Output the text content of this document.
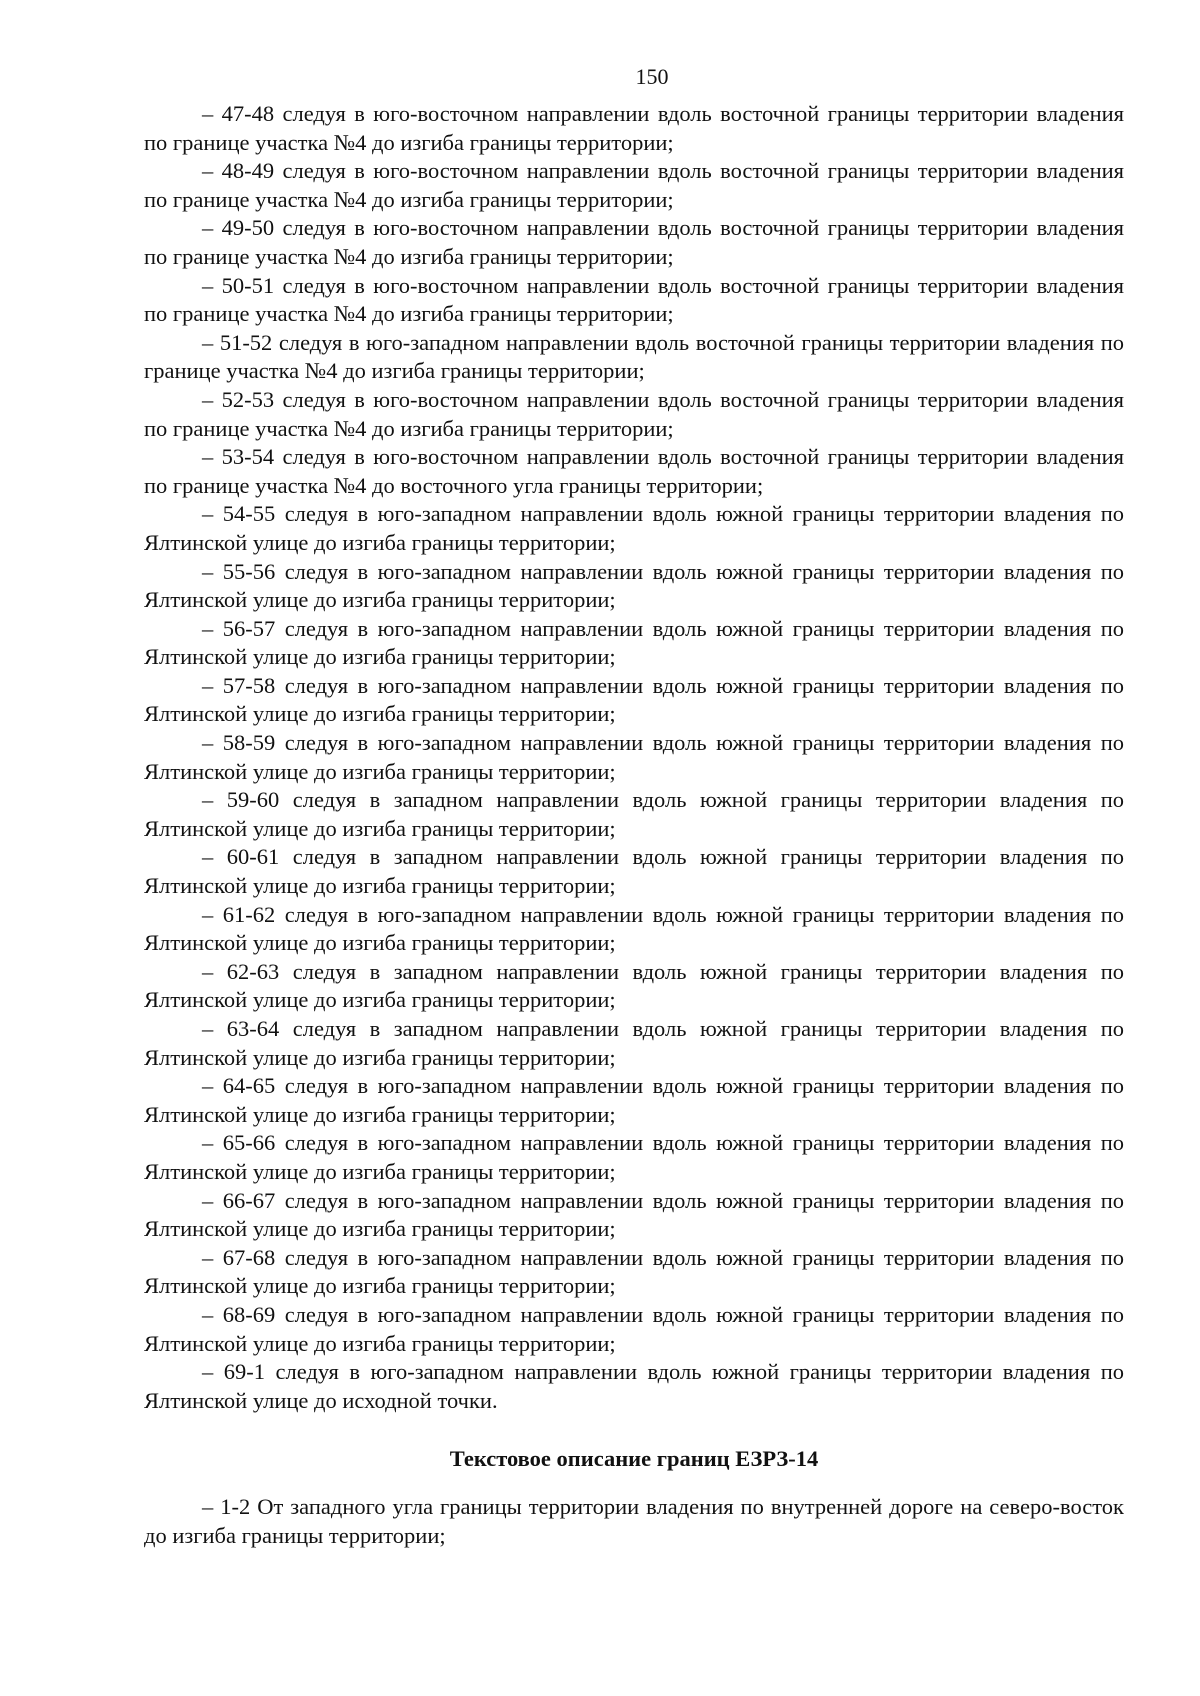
150

– 47-48 следуя в юго-восточном направлении вдоль восточной границы территории владения по границе участка №4 до изгиба границы территории;

– 48-49 следуя в юго-восточном направлении вдоль восточной границы территории владения по границе участка №4 до изгиба границы территории;

– 49-50 следуя в юго-восточном направлении вдоль восточной границы территории владения по границе участка №4 до изгиба границы территории;

– 50-51 следуя в юго-восточном направлении вдоль восточной границы территории владения по границе участка №4 до изгиба границы территории;

– 51-52 следуя в юго-западном направлении вдоль восточной границы территории владения по границе участка №4 до изгиба границы территории;

– 52-53 следуя в юго-восточном направлении вдоль восточной границы территории владения по границе участка №4 до изгиба границы территории;

– 53-54 следуя в юго-восточном направлении вдоль восточной границы территории владения по границе участка №4 до восточного угла границы территории;

– 54-55 следуя в юго-западном направлении вдоль южной границы территории владения по Ялтинской улице до изгиба границы территории;

– 55-56 следуя в юго-западном направлении вдоль южной границы территории владения по Ялтинской улице до изгиба границы территории;

– 56-57 следуя в юго-западном направлении вдоль южной границы территории владения по Ялтинской улице до изгиба границы территории;

– 57-58 следуя в юго-западном направлении вдоль южной границы территории владения по Ялтинской улице до изгиба границы территории;

– 58-59 следуя в юго-западном направлении вдоль южной границы территории владения по Ялтинской улице до изгиба границы территории;

– 59-60 следуя в западном направлении вдоль южной границы территории владения по Ялтинской улице до изгиба границы территории;

– 60-61 следуя в западном направлении вдоль южной границы территории владения по Ялтинской улице до изгиба границы территории;

– 61-62 следуя в юго-западном направлении вдоль южной границы территории владения по Ялтинской улице до изгиба границы территории;

– 62-63 следуя в западном направлении вдоль южной границы территории владения по Ялтинской улице до изгиба границы территории;

– 63-64 следуя в западном направлении вдоль южной границы территории владения по Ялтинской улице до изгиба границы территории;

– 64-65 следуя в юго-западном направлении вдоль южной границы территории владения по Ялтинской улице до изгиба границы территории;

– 65-66 следуя в юго-западном направлении вдоль южной границы территории владения по Ялтинской улице до изгиба границы территории;

– 66-67 следуя в юго-западном направлении вдоль южной границы территории владения по Ялтинской улице до изгиба границы территории;

– 67-68 следуя в юго-западном направлении вдоль южной границы территории владения по Ялтинской улице до изгиба границы территории;

– 68-69 следуя в юго-западном направлении вдоль южной границы территории владения по Ялтинской улице до изгиба границы территории;

– 69-1 следуя в юго-западном направлении вдоль южной границы территории владения по Ялтинской улице до исходной точки.

Текстовое описание границ ЕЗРЗ-14

– 1-2 От западного угла границы территории владения по внутренней дороге на северо-восток до изгиба границы территории;
